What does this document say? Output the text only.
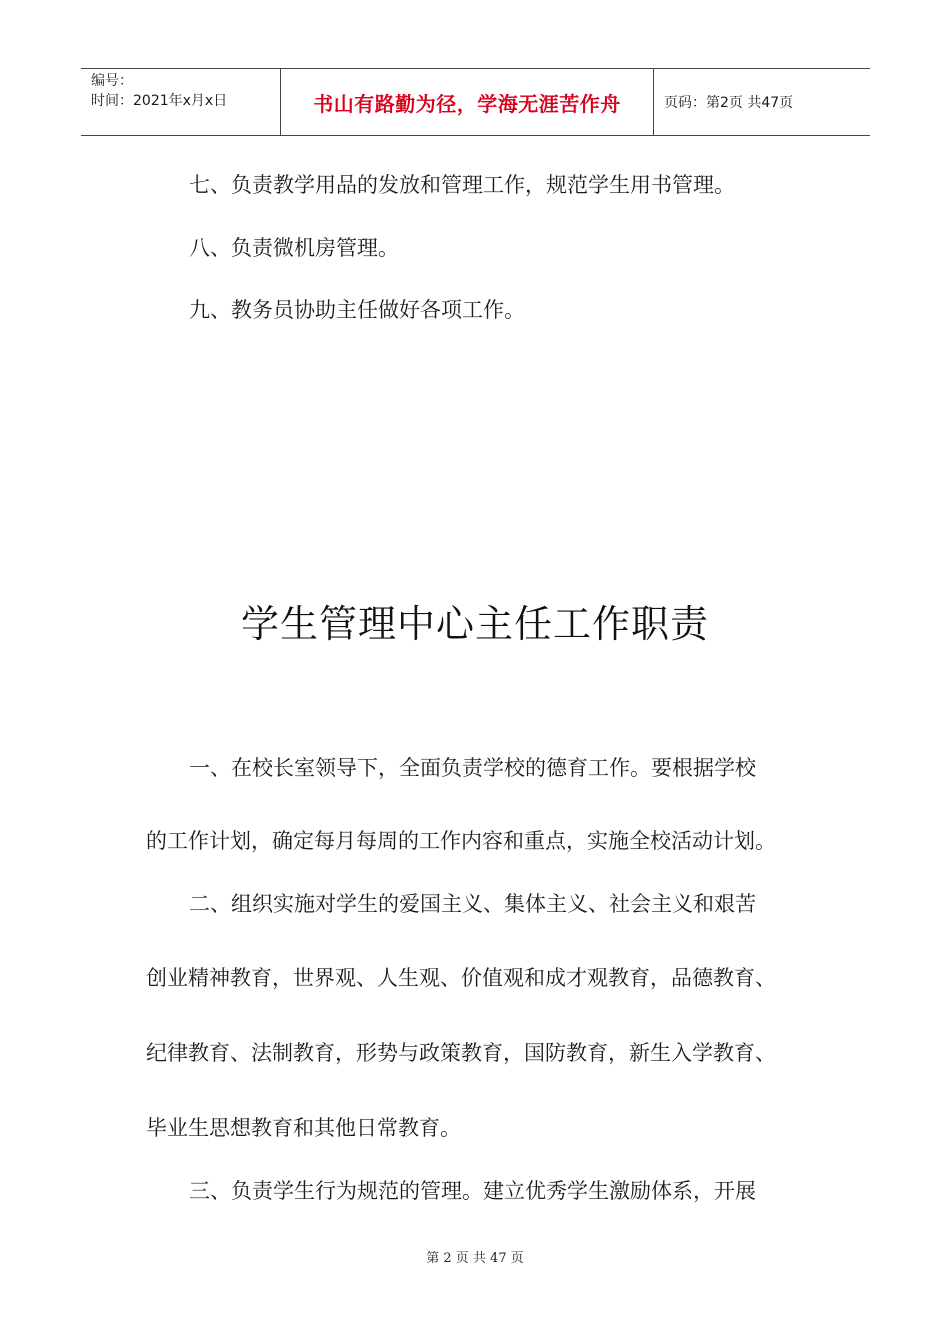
编号：
时间：2021年x月x日	书山有路勤为径，学海无涯苦作舟	页码：第2页 共47页
七、负责教学用品的发放和管理工作，规范学生用书管理。
八、负责微机房管理。
九、教务员协助主任做好各项工作。
学生管理中心主任工作职责
一、在校长室领导下，全面负责学校的德育工作。要根据学校
的工作计划，确定每月每周的工作内容和重点，实施全校活动计划。
二、组织实施对学生的爱国主义、集体主义、社会主义和艰苦
创业精神教育，世界观、人生观、价值观和成才观教育，品德教育、
纪律教育、法制教育，形势与政策教育，国防教育，新生入学教育、
毕业生思想教育和其他日常教育。
三、负责学生行为规范的管理。建立优秀学生激励体系，开展
第 2 页 共 47 页
